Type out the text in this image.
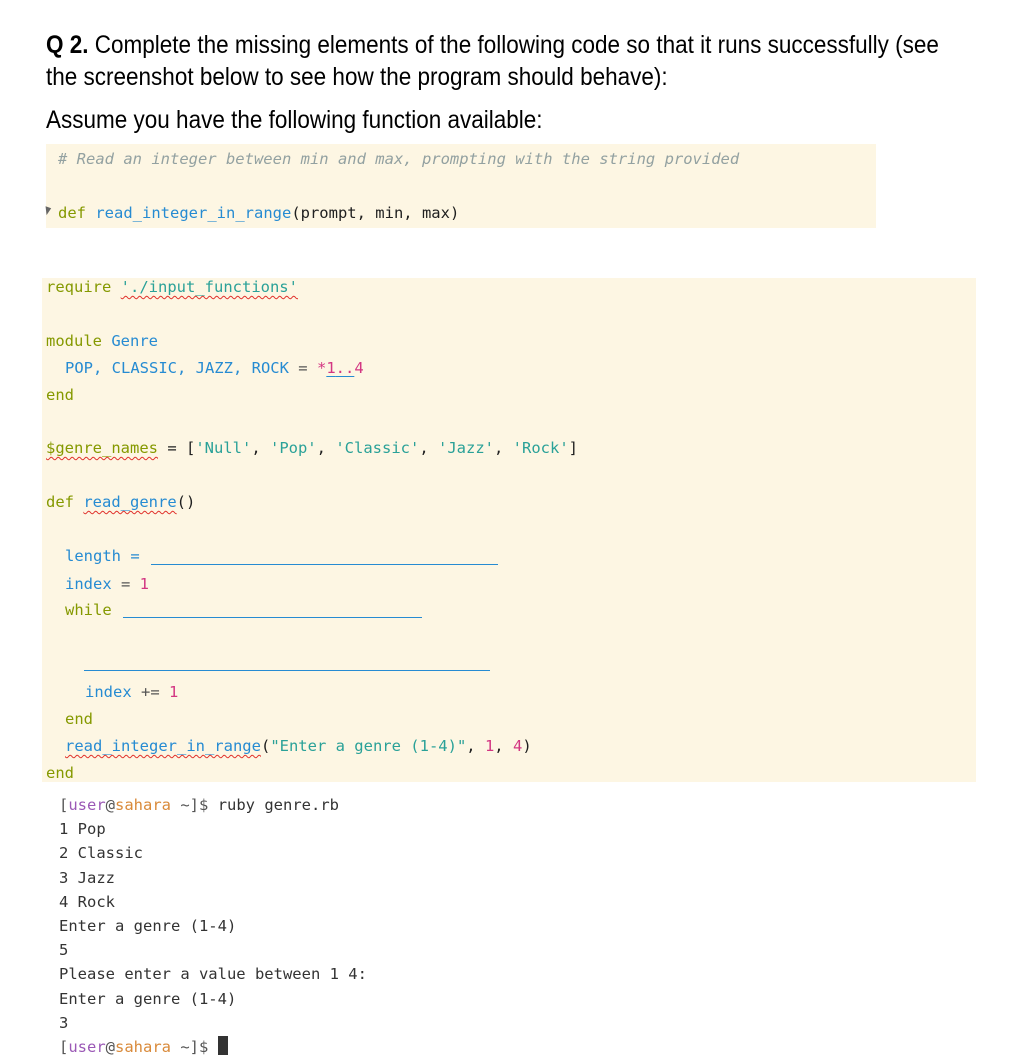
Q 2. Complete the missing elements of the following code so that it runs successfully (see
the screenshot below to see how the program should behave):
Assume you have the following function available:
# Read an integer between min and max, prompting with the string provided
def read_integer_in_range(prompt, min, max)
require './input_functions'
module Genre
POP, CLASSIC, JAZZ, ROCK = *1..4
end
$genre_names = ['Null', 'Pop', 'Classic', 'Jazz', 'Rock']
def read_genre()
length =
index = 1
while
index += 1
end
read_integer_in_range("Enter a genre (1-4)", 1, 4)
end
[user@sahara ~]$ ruby genre.rb
1 Pop
2 Classic
3 Jazz
4 Rock
Enter a genre (1-4)
5
Please enter a value between 1 4:
Enter a genre (1-4)
3
[user@sahara ~]$
